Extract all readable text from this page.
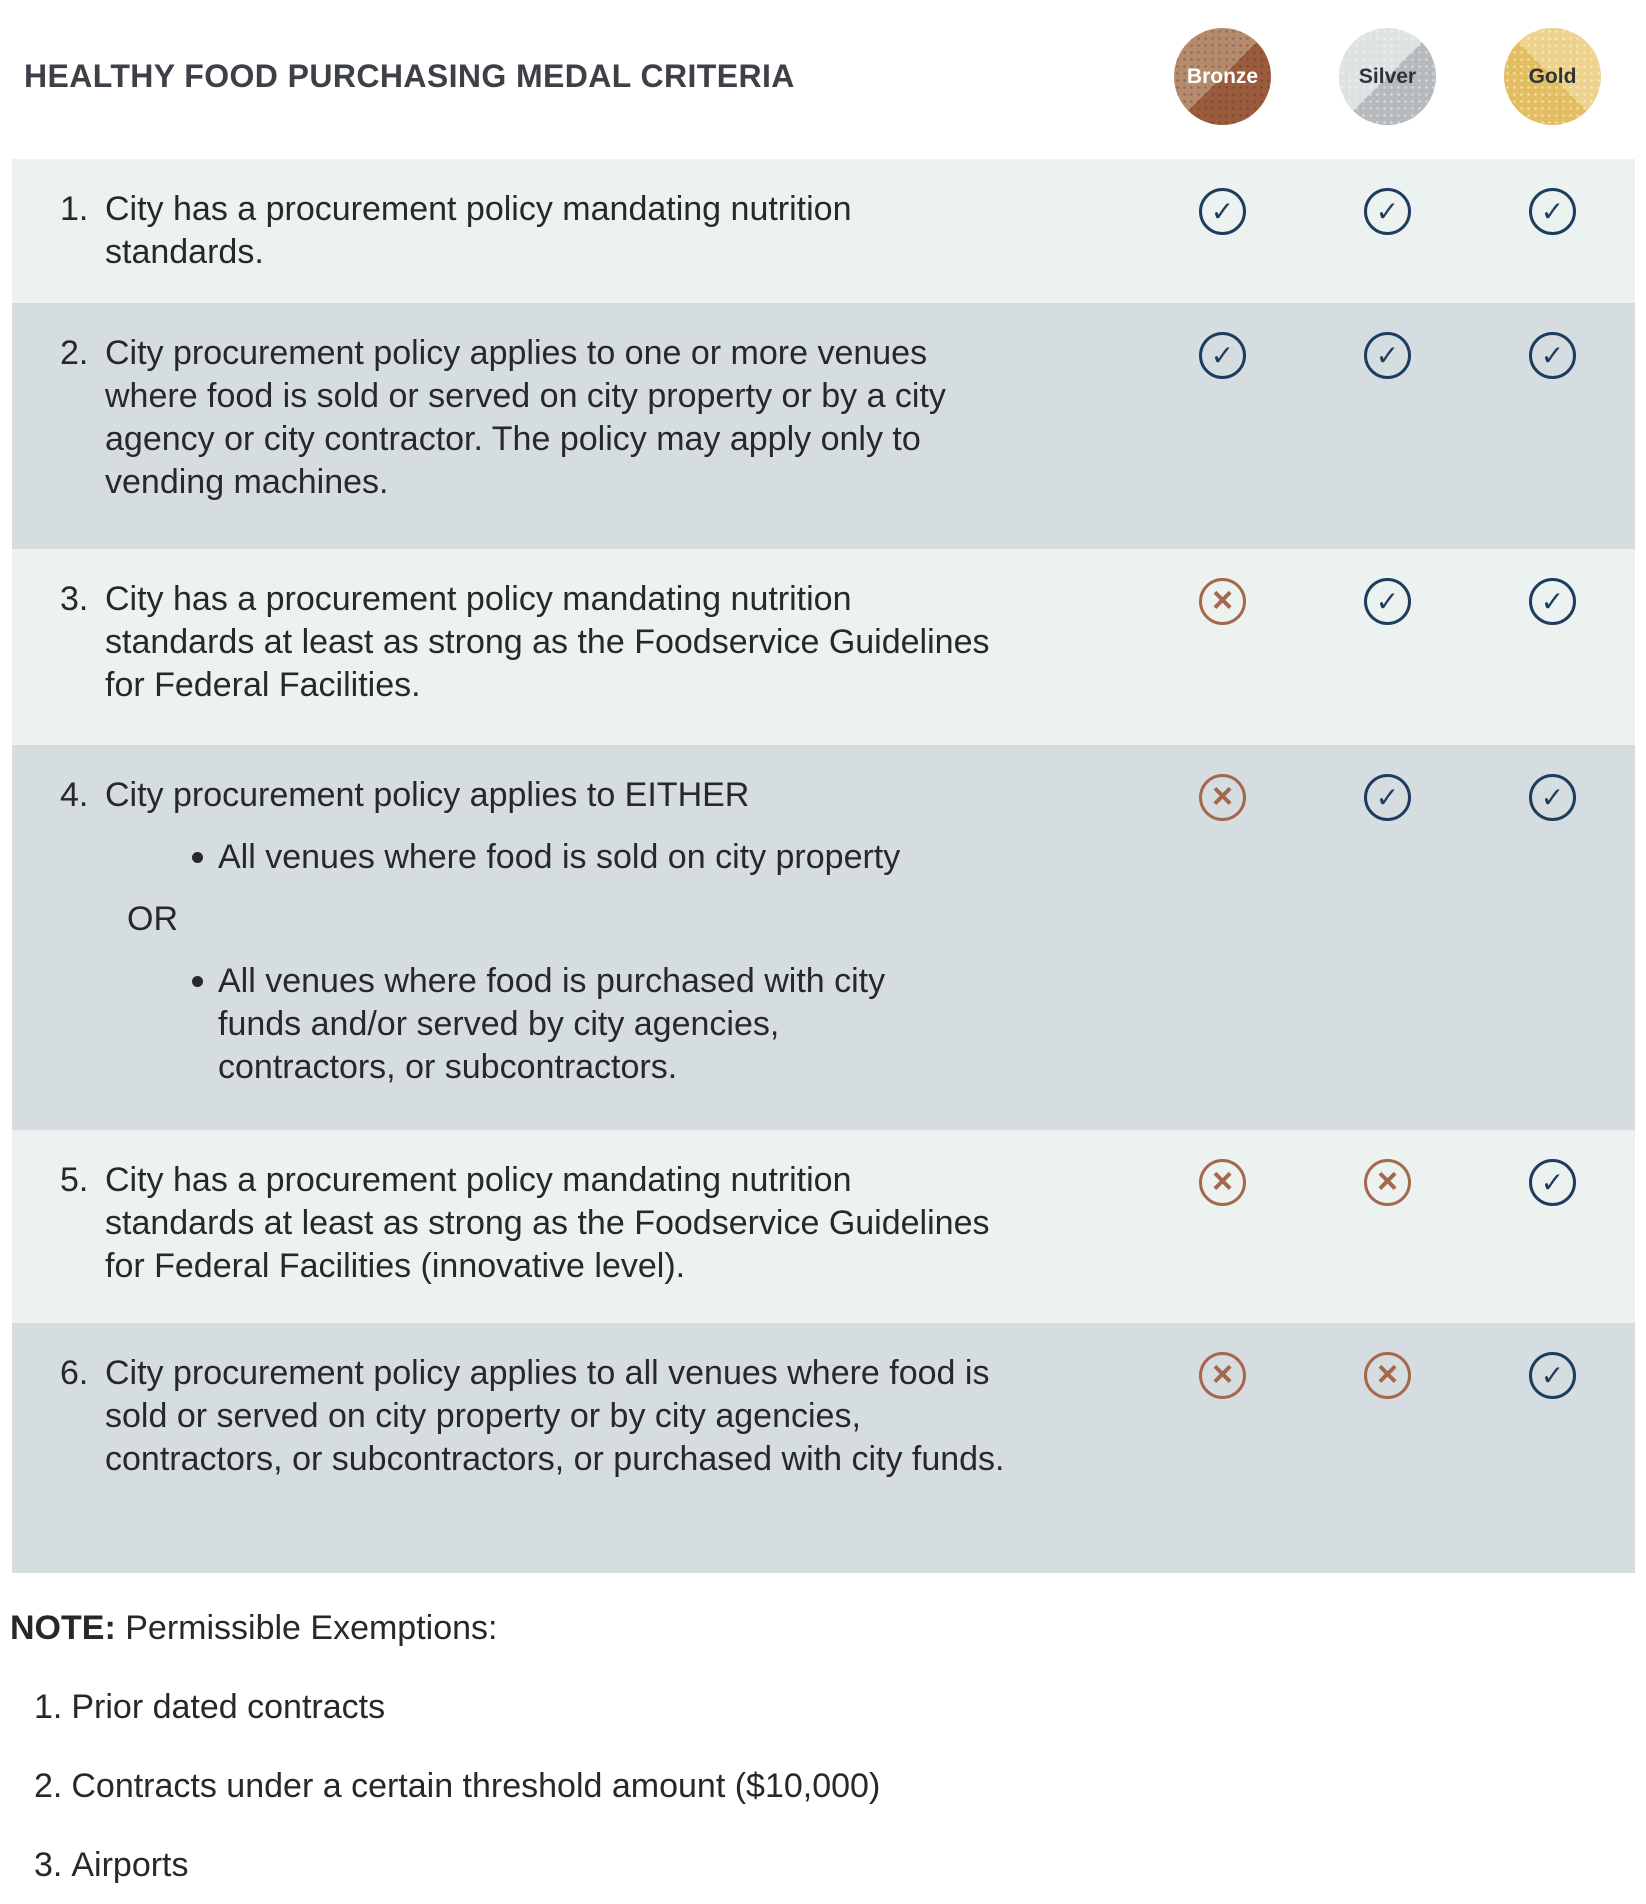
HEALTHY FOOD PURCHASING MEDAL CRITERIA	Bronze	Silver	Gold
1. City has a procurement policy mandating nutrition standards.
✓
✓
✓
2. City procurement policy applies to one or more venues where food is sold or served on city property or by a city agency or city contractor. The policy may apply only to vending machines.
✓
✓
✓
3. City has a procurement policy mandating nutrition standards at least as strong as the Foodservice Guidelines for Federal Facilities.
×
✓
✓
4. City procurement policy applies to EITHER
All venues where food is sold on city property
OR
All venues where food is purchased with city funds and/or served by city agencies, contractors, or subcontractors.
×
✓
✓
5. City has a procurement policy mandating nutrition standards at least as strong as the Foodservice Guidelines for Federal Facilities (innovative level).
×
×
✓
6. City procurement policy applies to all venues where food is sold or served on city property or by city agencies, contractors, or subcontractors, or purchased with city funds.
×
×
✓
NOTE: Permissible Exemptions:
1. Prior dated contracts
2. Contracts under a certain threshold amount ($10,000)
3. Airports
